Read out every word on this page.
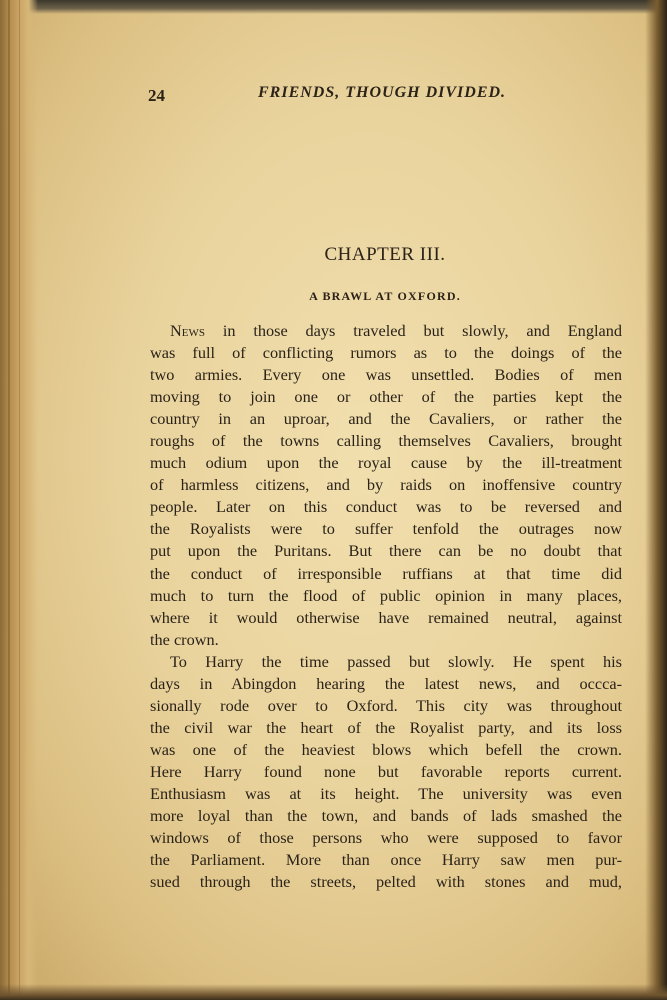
24	FRIENDS, THOUGH DIVIDED.
CHAPTER III.
A BRAWL AT OXFORD.
News in those days traveled but slowly, and England
was full of conflicting rumors as to the doings of the
two armies. Every one was unsettled. Bodies of men
moving to join one or other of the parties kept the
country in an uproar, and the Cavaliers, or rather the
roughs of the towns calling themselves Cavaliers, brought
much odium upon the royal cause by the ill-treatment
of harmless citizens, and by raids on inoffensive country
people. Later on this conduct was to be reversed and
the Royalists were to suffer tenfold the outrages now
put upon the Puritans. But there can be no doubt that
the conduct of irresponsible ruffians at that time did
much to turn the flood of public opinion in many places,
where it would otherwise have remained neutral, against
the crown.
To Harry the time passed but slowly. He spent his
days in Abingdon hearing the latest news, and occca-
sionally rode over to Oxford. This city was throughout
the civil war the heart of the Royalist party, and its loss
was one of the heaviest blows which befell the crown.
Here Harry found none but favorable reports current.
Enthusiasm was at its height. The university was even
more loyal than the town, and bands of lads smashed the
windows of those persons who were supposed to favor
the Parliament. More than once Harry saw men pur-
sued through the streets, pelted with stones and mud,
